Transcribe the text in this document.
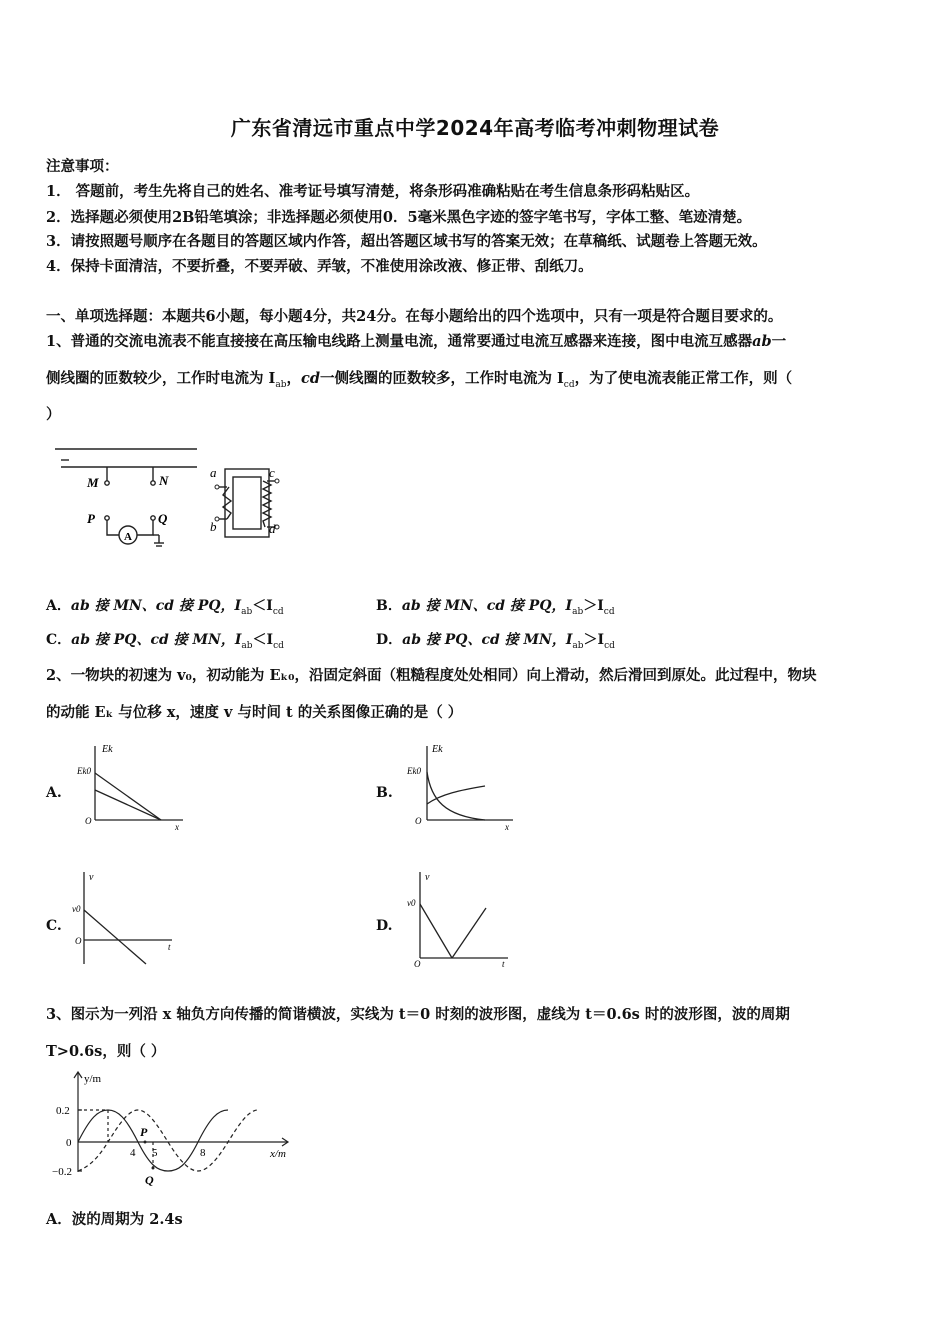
广东省清远市重点中学2024年高考临考冲刺物理试卷
注意事项：
1． 答题前，考生先将自己的姓名、准考证号填写清楚，将条形码准确粘贴在考生信息条形码粘贴区。
2．选择题必须使用2B铅笔填涂；非选择题必须使用0．5毫米黑色字迹的签字笔书写，字体工整、笔迹清楚。
3．请按照题号顺序在各题目的答题区域内作答，超出答题区域书写的答案无效；在草稿纸、试题卷上答题无效。
4．保持卡面清洁，不要折叠，不要弄破、弄皱，不准使用涂改液、修正带、刮纸刀。
一、单项选择题：本题共6小题，每小题4分，共24分。在每小题给出的四个选项中，只有一项是符合题目要求的。
1、普通的交流电流表不能直接接在高压输电线路上测量电流，通常要通过电流互感器来连接，图中电流互感器ab一
侧线圈的匝数较少，工作时电流为 $I_{ab}$，cd一侧线圈的匝数较多，工作时电流为 $I_{cd}$，为了使电流表能正常工作，则（
）
M	N
P	Q
A
a
b
c
d
A．ab 接 MN、cd 接 PQ，$I_{ab}<I_{cd}$	B．ab 接 MN、cd 接 PQ，$I_{ab}>I_{cd}$
C．ab 接 PQ、cd 接 MN，$I_{ab}<I_{cd}$	D．ab 接 PQ、cd 接 MN，$I_{ab}>I_{cd}$
2、一物块的初速为 v₀，初动能为 Eₖ₀，沿固定斜面（粗糙程度处处相同）向上滑动，然后滑回到原处。此过程中，物块
的动能 Eₖ 与位移 x，速度 v 与时间 t 的关系图像正确的是（ ）
A.
Ek
Ek0
O
x
B.
Ek
Ek0
O
x
C.
v
v0
O
t
D.
v
v0
O	t
3、图示为一列沿 x 轴负方向传播的简谐横波，实线为 t＝0 时刻的波形图，虚线为 t＝0.6s 时的波形图，波的周期
T>0.6s，则（ ）
y/m
x/m
0.2
0
−0.2
4 5	8
P
Q
A．波的周期为 2.4s
